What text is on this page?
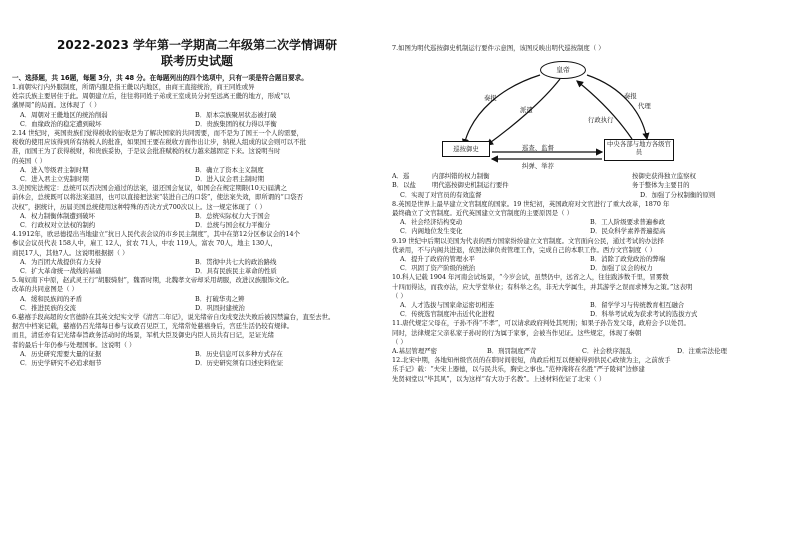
2022-2023 学年第一学期高二年级第二次学情调研
联考历史试题
一、选择题，共 16题，每题 3分，共 48 分。在每题列出的四个选项中，只有一项是符合题目要求。
1.商朝实行内外服制度，所谓内服是指王畿以内地区，由商王直接统治，商王同姓或异
姓宗氏族主要居住于此。周朝建立后，往往将同姓子弟或王室成员分封至远离王畿的地方，形成“以
藩屏周”的局面。这体现了（ ）
A．周朝对王畿地区的统治削弱	B．原本宗族聚居状态被打破
C．血缘政治的稳定遭到破坏	D．贵族集团的权力得以平衡
2.14 世纪时，英国贵族们觉得税收的征收是为了解决国家的共同需要，而不是为了国王一个人的需要，
税收的使用应该得到所有纳税人的批准，如果国王要在税收方面作出让步，纳税人组成的议会则可以不批
准，而国王为了获得税财，和贵族妥协，于是议会批准赋税的权力越来越固定下来。这说明当时
的英国（ ）
A．进入等级君主制时期	B．确立了资本主义制度
C．进入君主立宪制时期	D．进入议会君主制时期
3.美国宪法规定：总统可以否决国会通过的法案，退还国会复议，如国会在规定期限(10天)届满之
前休会，总统既可以将法案退回，也可以直接把法案“装进自己的口袋”，使法案失效，即所谓的“口袋否
决权”，据统计，历届美国总统使用这种特殊的否决方式700次以上。这一规定体现了（ ）
A．权力制衡体制遭到破坏	B．总统实际权力大于国会
C．行政权对立法权的制约	D．总统与国会权力平衡分
4.1912年，欧忌德提出当地建立“抗日人民代表会议的市乡民主制度”，其中在第12分区参议会的14个
参议会议员代表 158人中，雇工 12人，贫农 71人，中农 119人，富农 70人，地主 130人，
商民17人，其他7人。这说明根据据（ ）
A．为百团大战提供有力支持	B．贯彻中共七大的政治路线
C．扩大革命统一战线的基础	D．具有民族民主革命的性质
5.匈奴南下中原，赵武灵王行“胡服骑射”，魏晋时期，北魏孝文帝却采用胡服，改进汉族服饰文化。
改革的共同意图是（ ）
A．缓和民族间的矛盾	B．打破华夷之辨
C．推进民族的交流	D．巩固封建统治
6.慈禧手段高超的女官德龄在其英文纪实文学《清宫二年记》，说光绪帝自戊戌变法失败后被囚禁瀛台，直至去世。
据宫中档案记载，慈禧仍召光绪每日参与议政召见臣工，光绪常处慈禧身后，宫廷生活仍较有规律。
而且，清廷亦有记光绪奉旨政务活动时的场景，军机大臣及御史内臣人员共有日记，足证光绪
者的最后十年仍参与处理国事。这说明（ ）
A．历史研究需要大量的证据	B．历史信息可以多种方式存在
C．历史学研究不必追求细节	D．历史研究须有口述史料佐证
7.如图为明代巡按御史机制运行要件示意图，该图反映出明代巡按制度（ ）
皇帝
巡按御史
中央各部与地方各级官员
奏报
派遣
奏报
代理
行政执行
巡查、监督
纠弹、举荐
A．巡	内部纠错的权力制衡	按御史获得独立监察权
B．以盐	明代巡按御史机制运行要件	务于整体为主要目的
C．实现了对官员的有效监督	D．加强了分权制衡的原则
8.英国是世界上最早建立文官制度的国家。19 世纪初，英国政府对文官进行了重大改革，1870 年
最终确立了文官制度。近代英国建立文官制度的主要原因是（ ）
A．社会经济结构变动	B．工人阶级要求普遍参政
C．内阁地位发生变化	D．民众科学素养普遍提高
9.19 世纪中后期以美国为代表的西方国家纷纷建立文官制度。文官面向公民，通过考试的办法择
优录用，不与内阁共进退，依照法律负责管理工作，完成自己的本职工作。西方文官制度（ ）
A．提升了政府的管理水平	B．消除了政党政治的弊端
C．巩固了资产阶级的统治	D．加强了议会的权力
10.科人记载 1904 年河南会试场景，“今岁会试，虽禁仍中，远省之人，往往跋涉数千里，冒雾数
十四而得达，而我亦沾，应大学堂举业；有科举之名，非无大学属生，并其游学之误而求博为之策。”这表明
（ ）
A．人才选拔与国家命运密切相连	B．留学学习与传统教育相互融合
C．传统选官制度冲击近代化进程	D．科举考试成为获求考试的选拔方式
11.唐代规定父母在，子孙不得“不孝”，可以请求政府判处其死刑；如果子孙告发父母，政府会予以处罚。
同时，法律规定父亲私家子孙时的行为属于家事，会被当作见证。这些规定，体现了秦朝
（ ）
A.基层管理严密	B．刑罚制度严苛	C．社会秩序混乱	D．注重宗法伦理
12.北宋中期，各地知州级官员的在职时间很短，尚政后相互以便被得到供民心政绩为主，之前放手
乐手记》载：“夫宋上器德，以与民共乐，胸史之事也。”范仲淹将在名胜“严子陵祠”边修建
先贤祠堂以“毕其风”，以为这样“有大功于名教”。上述材料佐证了北宋（ ）
